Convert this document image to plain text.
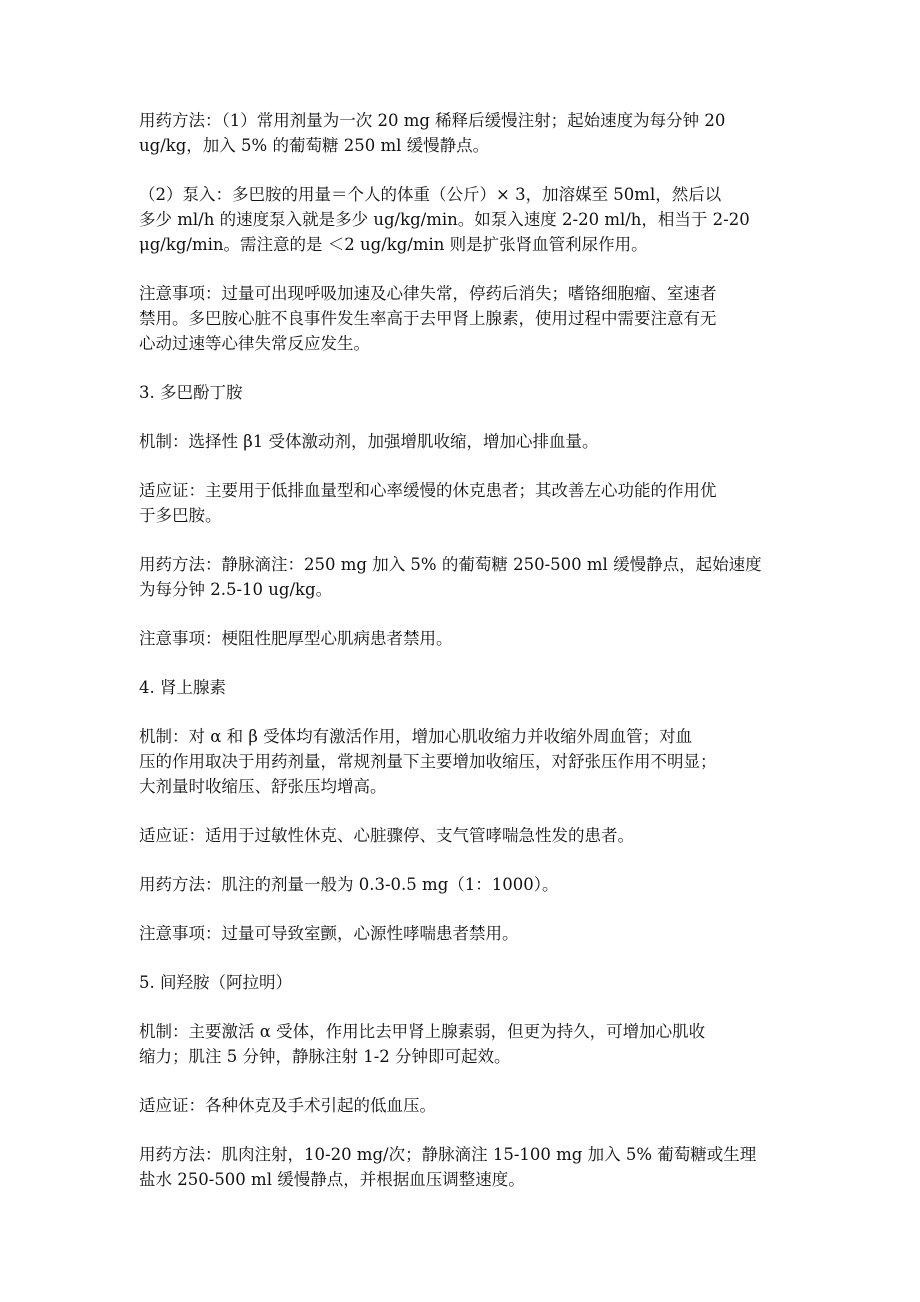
用药方法：（1）常用剂量为一次 20 mg 稀释后缓慢注射；起始速度为每分钟 20
ug/kg，加入 5% 的葡萄糖 250 ml 缓慢静点。

（2）泵入：多巴胺的用量＝个人的体重（公斤）× 3，加溶媒至 50ml，然后以
多少 ml/h 的速度泵入就是多少 ug/kg/min。如泵入速度 2-20 ml/h，相当于 2-20
μg/kg/min。需注意的是 ＜2 ug/kg/min 则是扩张肾血管利尿作用。

注意事项：过量可出现呼吸加速及心律失常，停药后消失；嗜铬细胞瘤、室速者
禁用。多巴胺心脏不良事件发生率高于去甲肾上腺素，使用过程中需要注意有无
心动过速等心律失常反应发生。

3. 多巴酚丁胺

机制：选择性 β1 受体激动剂，加强增肌收缩，增加心排血量。

适应证：主要用于低排血量型和心率缓慢的休克患者；其改善左心功能的作用优
于多巴胺。

用药方法：静脉滴注：250 mg 加入 5% 的葡萄糖 250-500 ml 缓慢静点，起始速度
为每分钟 2.5-10 ug/kg。

注意事项：梗阻性肥厚型心肌病患者禁用。

4. 肾上腺素

机制：对 α 和 β 受体均有激活作用，增加心肌收缩力并收缩外周血管；对血
压的作用取决于用药剂量，常规剂量下主要增加收缩压，对舒张压作用不明显；
大剂量时收缩压、舒张压均增高。

适应证：适用于过敏性休克、心脏骤停、支气管哮喘急性发的患者。

用药方法：肌注的剂量一般为 0.3-0.5 mg（1：1000）。

注意事项：过量可导致室颤，心源性哮喘患者禁用。

5. 间羟胺（阿拉明）

机制：主要激活 α 受体，作用比去甲肾上腺素弱，但更为持久，可增加心肌收
缩力；肌注 5 分钟，静脉注射 1-2 分钟即可起效。

适应证：各种休克及手术引起的低血压。

用药方法：肌肉注射，10-20 mg/次；静脉滴注 15-100 mg 加入 5% 葡萄糖或生理
盐水 250-500 ml 缓慢静点，并根据血压调整速度。
